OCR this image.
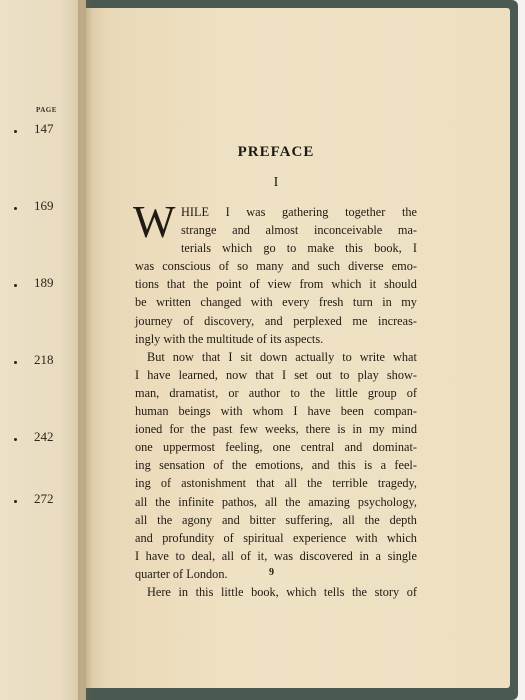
PAGE
147
169
189
218
242
272
PREFACE
I
W HILE I was gathering together the
strange and almost inconceivable ma-
terials which go to make this book, I
was conscious of so many and such diverse emo-
tions that the point of view from which it should
be written changed with every fresh turn in my
journey of discovery, and perplexed me increas-
ingly with the multitude of its aspects.
But now that I sit down actually to write what
I have learned, now that I set out to play show-
man, dramatist, or author to the little group of
human beings with whom I have been compan-
ioned for the past few weeks, there is in my mind
one uppermost feeling, one central and dominat-
ing sensation of the emotions, and this is a feel-
ing of astonishment that all the terrible tragedy,
all the infinite pathos, all the amazing psychology,
all the agony and bitter suffering, all the depth
and profundity of spiritual experience with which
I have to deal, all of it, was discovered in a single
quarter of London.
Here in this little book, which tells the story of
9
